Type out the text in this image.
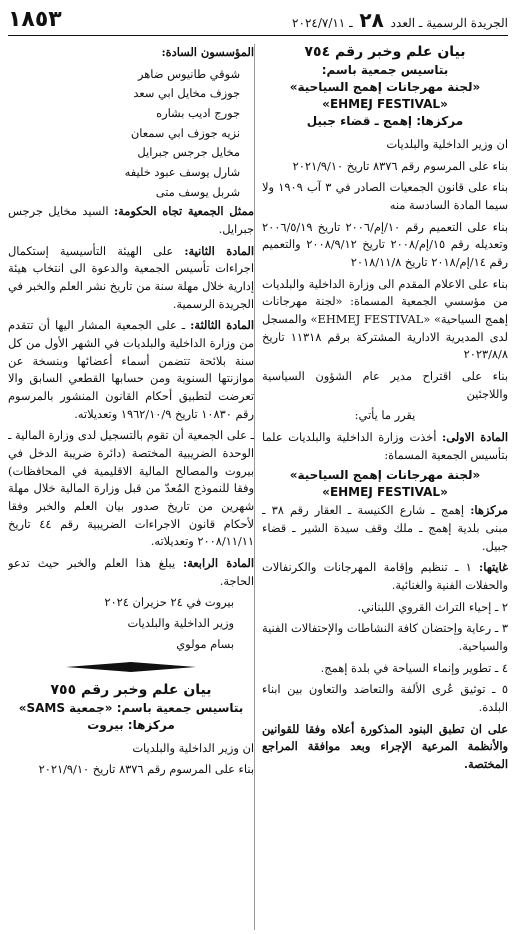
الجريدة الرسمية ـ العدد ٢٨ ـ ٢٠٢٤/٧/١١
١٨٥٣
بيان علم وخبر رقم ٧٥٤
بتاسيس جمعية باسم:
«لجنة مهرجانات إهمج السياحية»
«EHMEJ FESTIVAL»
مركزها: إهمج ـ قضاء جبيل

ان وزير الداخلية والبلديات

بناء على المرسوم رقم ٨٣٧٦ تاريخ ٢٠٢١/٩/١٠

بناء على قانون الجمعيات الصادر في ٣ آب ١٩٠٩ ولا سيما المادة السادسة منه

بناء على التعميم رقم ١٠/إم/٢٠٠٦ تاريخ ٢٠٠٦/٥/١٩ وتعديله رقم ١٥/إم/٢٠٠٨ تاريخ ٢٠٠٨/٩/١٢ والتعميم رقم ١٤/إم/٢٠١٨ تاريخ ٢٠١٨/١١/٨

بناء على الاعلام المقدم الى وزارة الداخلية والبلديات من مؤسسي الجمعية المسماة: «لجنة مهرجانات إهمج السياحية» «EHMEJ FESTIVAL» والمسجل لدى المديرية الادارية المشتركة برقم ١١٣١٨ تاريخ ٢٠٢٣/٨/٨

بناء على اقتراح مدير عام الشؤون السياسية واللاجئين

يقرر ما يأتي:

المادة الاولى: أخذت وزارة الداخلية والبلديات علما بتأسيس الجمعية المسماة:

«لجنة مهرجانات إهمج السياحية»
«EHMEJ FESTIVAL»

مركزها: إهمج ـ شارع الكنيسة ـ العقار رقم ٣٨ ـ مبنى بلدية إهمج ـ ملك وقف سيدة الشير ـ قضاء جبيل.

غايتها: ١ ـ تنظيم وإقامة المهرجانات والكرنفالات والحفلات الفنية والغنائية.

٢ ـ إحياء التراث القروي اللبناني.

٣ ـ رعاية وإحتضان كافة النشاطات والإحتفالات الفنية والسياحية.

٤ ـ تطوير وإنماء السياحة في بلدة إهمج.

٥ ـ توثيق عُرى الألفة والتعاضد والتعاون بين ابناء البلدة.

على ان تطبق البنود المذكورة أعلاه وفقا للقوانين والأنظمة المرعية الإجراء وبعد موافقة المراجع المختصة.

المؤسسون السادة:

شوقي طانيوس ضاهر

جوزف مخايل ابي سعد

جورج اديب بشاره

نزيه جوزف ابي سمعان

مخايل جرجس جبرايل

شارل يوسف عبود خليفه

شربل يوسف متى

ممثل الجمعية تجاه الحكومة: السيد مخايل جرجس جبرايل.

المادة الثانية: على الهيئة التأسيسية إستكمال اجراءات تأسيس الجمعية والدعوة الى انتخاب هيئة إدارية خلال مهلة سنة من تاريخ نشر العلم والخبر في الجريدة الرسمية.

المادة الثالثة: ـ على الجمعية المشار اليها أن تتقدم من وزارة الداخلية والبلديات في الشهر الأول من كل سنة بلائحة تتضمن أسماء أعضائها وبنسخة عن موازنتها السنوية ومن حسابها القطعي السابق والا تعرضت لتطبيق أحكام القانون المنشور بالمرسوم رقم ١٠٨٣٠ تاريخ ١٩٦٢/١٠/٩ وتعديلاته.

ـ على الجمعية أن تقوم بالتسجيل لدى وزارة المالية ـ الوحدة الضريبية المختصة (دائرة ضريبة الدخل في بيروت والمصالح المالية الاقليمية في المحافظات) وفقا للنموذج المُعدّ من قبل وزارة المالية خلال مهلة شهرين من تاريخ صدور بيان العلم والخبر وفقا لأحكام قانون الاجراءات الضريبية رقم ٤٤ تاريخ ٢٠٠٨/١١/١١ وتعديلاته.

المادة الرابعة: يبلغ هذا العلم والخبر حيث تدعو الحاجة.

بيروت في ٢٤ حزيران ٢٠٢٤

وزير الداخلية والبلديات

بسام مولوي

بيان علم وخبر رقم ٧٥٥
بتاسيس جمعية باسم: «جمعية SAMS»
مركزها: بيروت

ان وزير الداخلية والبلديات

بناء على المرسوم رقم ٨٣٧٦ تاريخ ٢٠٢١/٩/١٠
